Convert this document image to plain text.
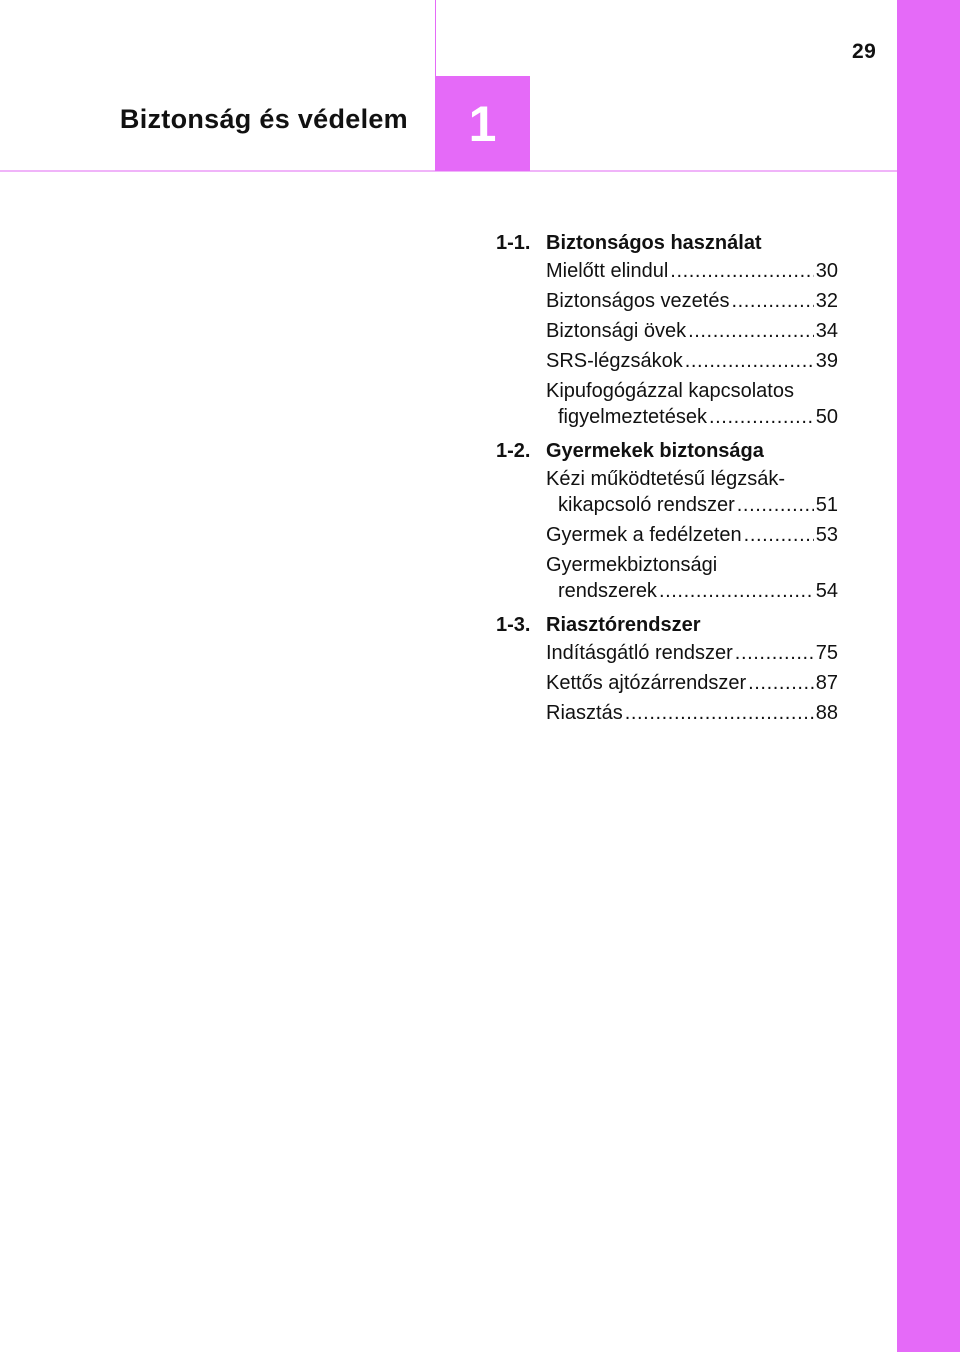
29
Biztonság és védelem 1
1-1. Biztonságos használat
Mielőtt elindul .....	30
Biztonságos vezetés .....	32
Biztonsági övek .....	34
SRS-légzsákok .....	39
Kipufogógázzal kapcsolatos
figyelmeztetések .....	50
1-2. Gyermekek biztonsága
Kézi működtetésű légzsák-
kikapcsoló rendszer .....	51
Gyermek a fedélzeten .....	53
Gyermekbiztonsági
rendszerek .....	54
1-3. Riasztórendszer
Indításgátló rendszer .....	75
Kettős ajtózárrendszer .....	87
Riasztás .....	88
